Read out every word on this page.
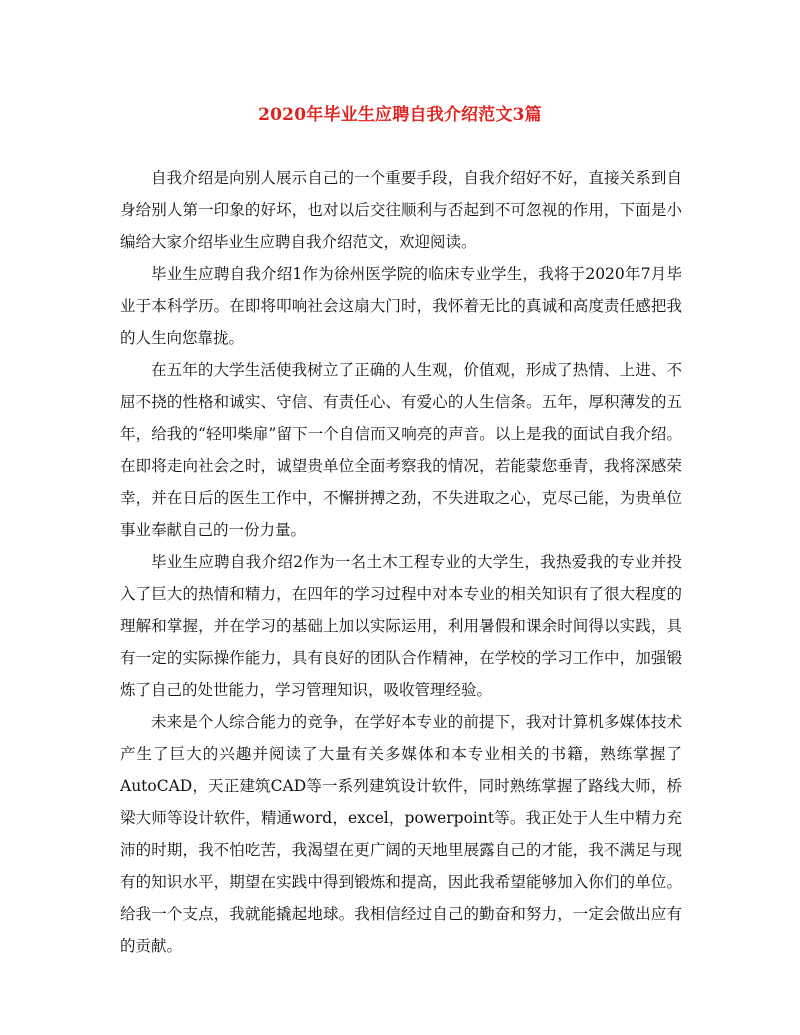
2020年毕业生应聘自我介绍范文3篇

自我介绍是向别人展示自己的一个重要手段，自我介绍好不好，直接关系到自身给别人第一印象的好坏，也对以后交往顺利与否起到不可忽视的作用，下面是小编给大家介绍毕业生应聘自我介绍范文，欢迎阅读。

毕业生应聘自我介绍1作为徐州医学院的临床专业学生，我将于2020年7月毕业于本科学历。在即将叩响社会这扇大门时，我怀着无比的真诚和高度责任感把我的人生向您靠拢。

在五年的大学生活使我树立了正确的人生观，价值观，形成了热情、上进、不屈不挠的性格和诚实、守信、有责任心、有爱心的人生信条。五年，厚积薄发的五年，给我的“轻叩柴扉”留下一个自信而又响亮的声音。以上是我的面试自我介绍。在即将走向社会之时，诚望贵单位全面考察我的情况，若能蒙您垂青，我将深感荣幸，并在日后的医生工作中，不懈拼搏之劲，不失进取之心，克尽己能，为贵单位事业奉献自己的一份力量。

毕业生应聘自我介绍2作为一名土木工程专业的大学生，我热爱我的专业并投入了巨大的热情和精力，在四年的学习过程中对本专业的相关知识有了很大程度的理解和掌握，并在学习的基础上加以实际运用，利用暑假和课余时间得以实践，具有一定的实际操作能力，具有良好的团队合作精神，在学校的学习工作中，加强锻炼了自己的处世能力，学习管理知识，吸收管理经验。

未来是个人综合能力的竞争，在学好本专业的前提下，我对计算机多媒体技术产生了巨大的兴趣并阅读了大量有关多媒体和本专业相关的书籍，熟练掌握了AutoCAD，天正建筑CAD等一系列建筑设计软件，同时熟练掌握了路线大师，桥梁大师等设计软件，精通word，excel，powerpoint等。我正处于人生中精力充沛的时期，我不怕吃苦，我渴望在更广阔的天地里展露自己的才能，我不满足与现有的知识水平，期望在实践中得到锻炼和提高，因此我希望能够加入你们的单位。给我一个支点，我就能撬起地球。我相信经过自己的勤奋和努力，一定会做出应有的贡献。
